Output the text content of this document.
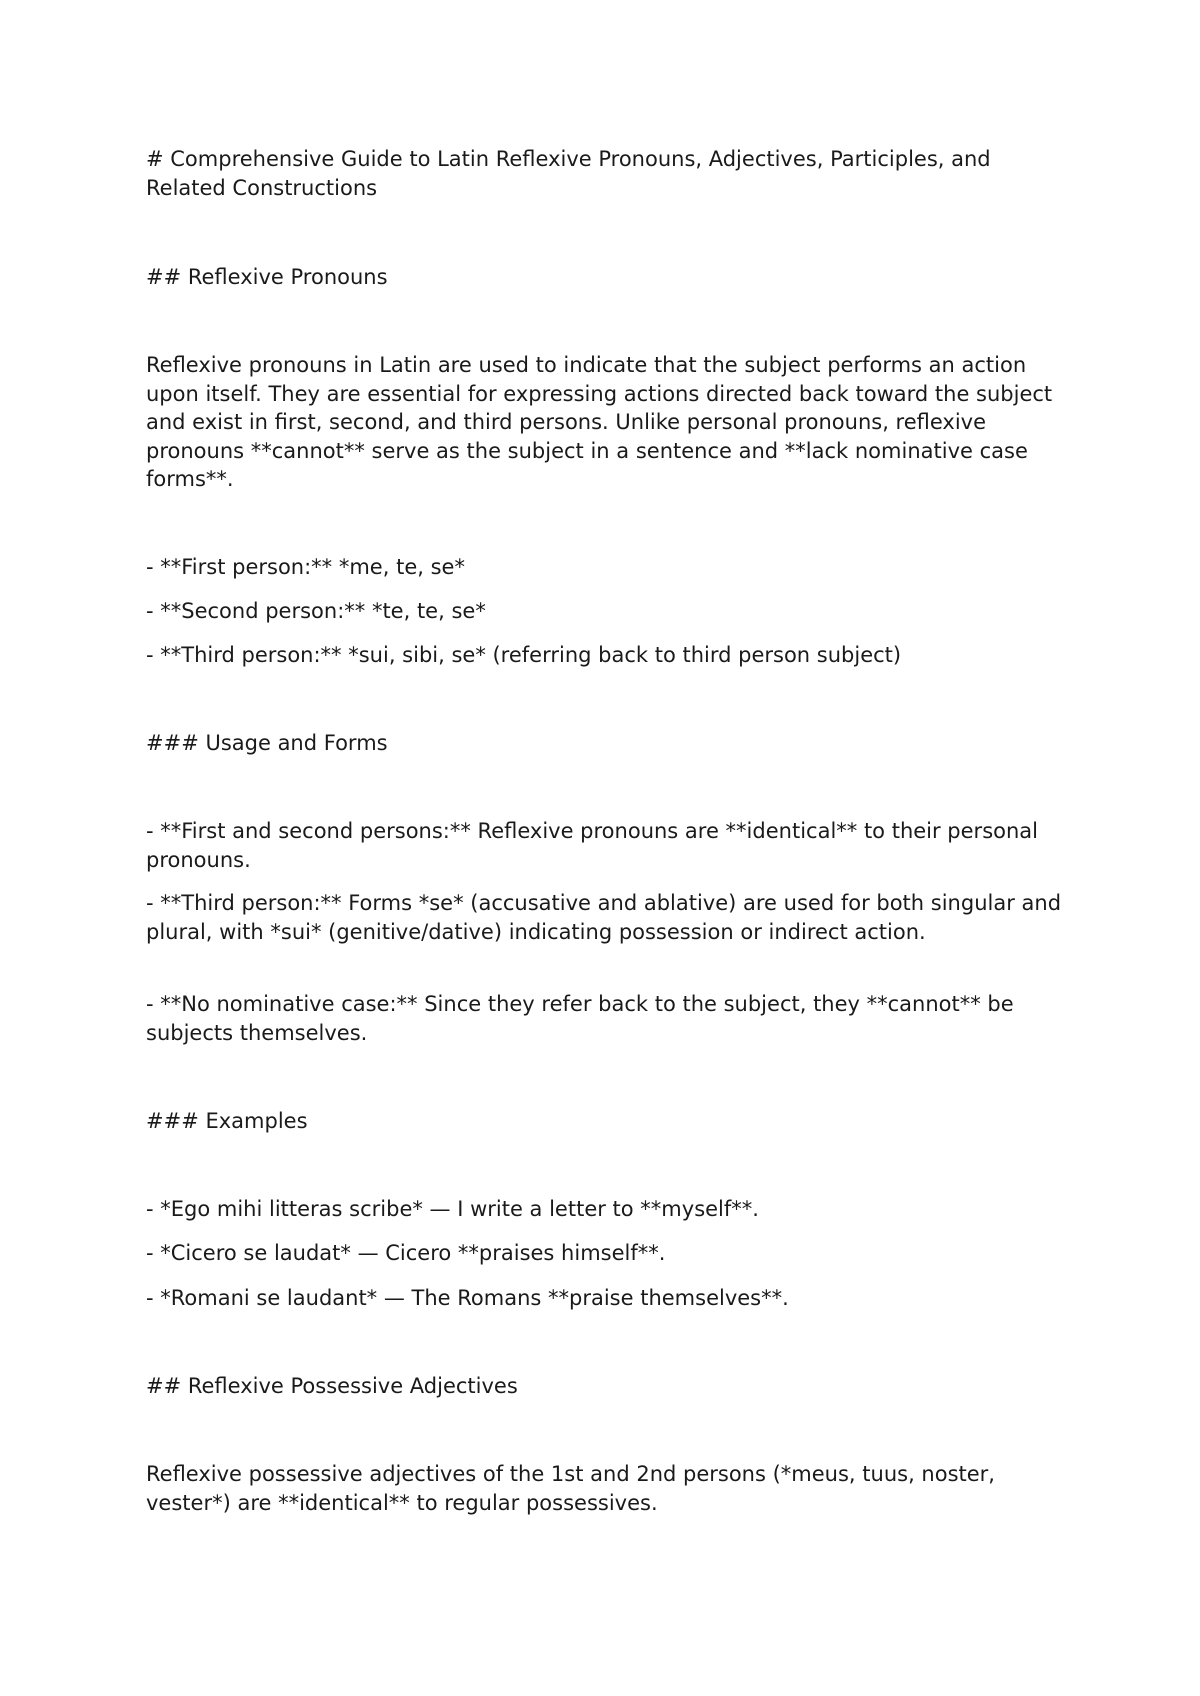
# Comprehensive Guide to Latin Reflexive Pronouns, Adjectives, Participles, and Related Constructions
## Reflexive Pronouns
Reflexive pronouns in Latin are used to indicate that the subject performs an action upon itself. They are essential for expressing actions directed back toward the subject and exist in first, second, and third persons. Unlike personal pronouns, reflexive pronouns **cannot** serve as the subject in a sentence and **lack nominative case forms**.
- **First person:** *me, te, se*
- **Second person:** *te, te, se*
- **Third person:** *sui, sibi, se* (referring back to third person subject)
### Usage and Forms
- **First and second persons:** Reflexive pronouns are **identical** to their personal pronouns.
- **Third person:** Forms *se* (accusative and ablative) are used for both singular and plural, with *sui* (genitive/dative) indicating possession or indirect action.
- **No nominative case:** Since they refer back to the subject, they **cannot** be subjects themselves.
### Examples
- *Ego mihi litteras scribe* — I write a letter to **myself**.
- *Cicero se laudat* — Cicero **praises himself**.
- *Romani se laudant* — The Romans **praise themselves**.
## Reflexive Possessive Adjectives
Reflexive possessive adjectives of the 1st and 2nd persons (*meus, tuus, noster, vester*) are **identical** to regular possessives.
